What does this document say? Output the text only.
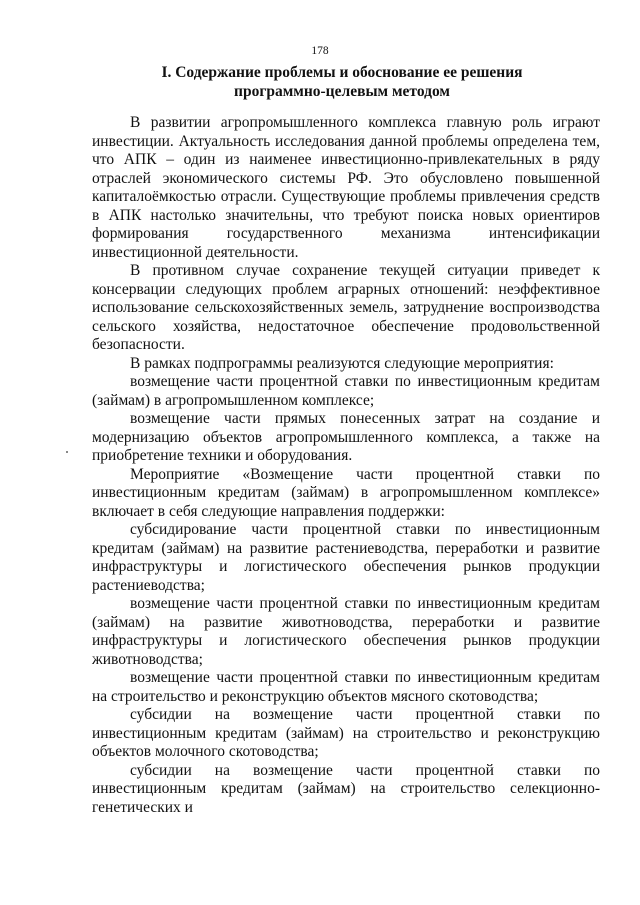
178
I. Содержание проблемы и обоснование ее решения
программно-целевым методом

В развитии агропромышленного комплекса главную роль играют инвестиции. Актуальность исследования данной проблемы определена тем, что АПК – один из наименее инвестиционно-привлекательных в ряду отраслей экономического системы РФ. Это обусловлено повышенной капиталоёмкостью отрасли. Существующие проблемы привлечения средств в АПК настолько значительны, что требуют поиска новых ориентиров формирования государственного механизма интенсификации инвестиционной деятельности.

В противном случае сохранение текущей ситуации приведет к консервации следующих проблем аграрных отношений: неэффективное использование сельскохозяйственных земель, затруднение воспроизводства сельского хозяйства, недостаточное обеспечение продовольственной безопасности.

В рамках подпрограммы реализуются следующие мероприятия:

возмещение части процентной ставки по инвестиционным кредитам (займам) в агропромышленном комплексе;

возмещение части прямых понесенных затрат на создание и модернизацию объектов агропромышленного комплекса, а также на приобретение техники и оборудования.

Мероприятие «Возмещение части процентной ставки по инвестиционным кредитам (займам) в агропромышленном комплексе» включает в себя следующие направления поддержки:

субсидирование части процентной ставки по инвестиционным кредитам (займам) на развитие растениеводства, переработки и развитие инфраструктуры и логистического обеспечения рынков продукции растениеводства;

возмещение части процентной ставки по инвестиционным кредитам (займам) на развитие животноводства, переработки и развитие инфраструктуры и логистического обеспечения рынков продукции животноводства;

возмещение части процентной ставки по инвестиционным кредитам на строительство и реконструкцию объектов мясного скотоводства;

субсидии на возмещение части процентной ставки по инвестиционным кредитам (займам) на строительство и реконструкцию объектов молочного скотоводства;

субсидии на возмещение части процентной ставки по инвестиционным кредитам (займам) на строительство селекционно-генетических и
